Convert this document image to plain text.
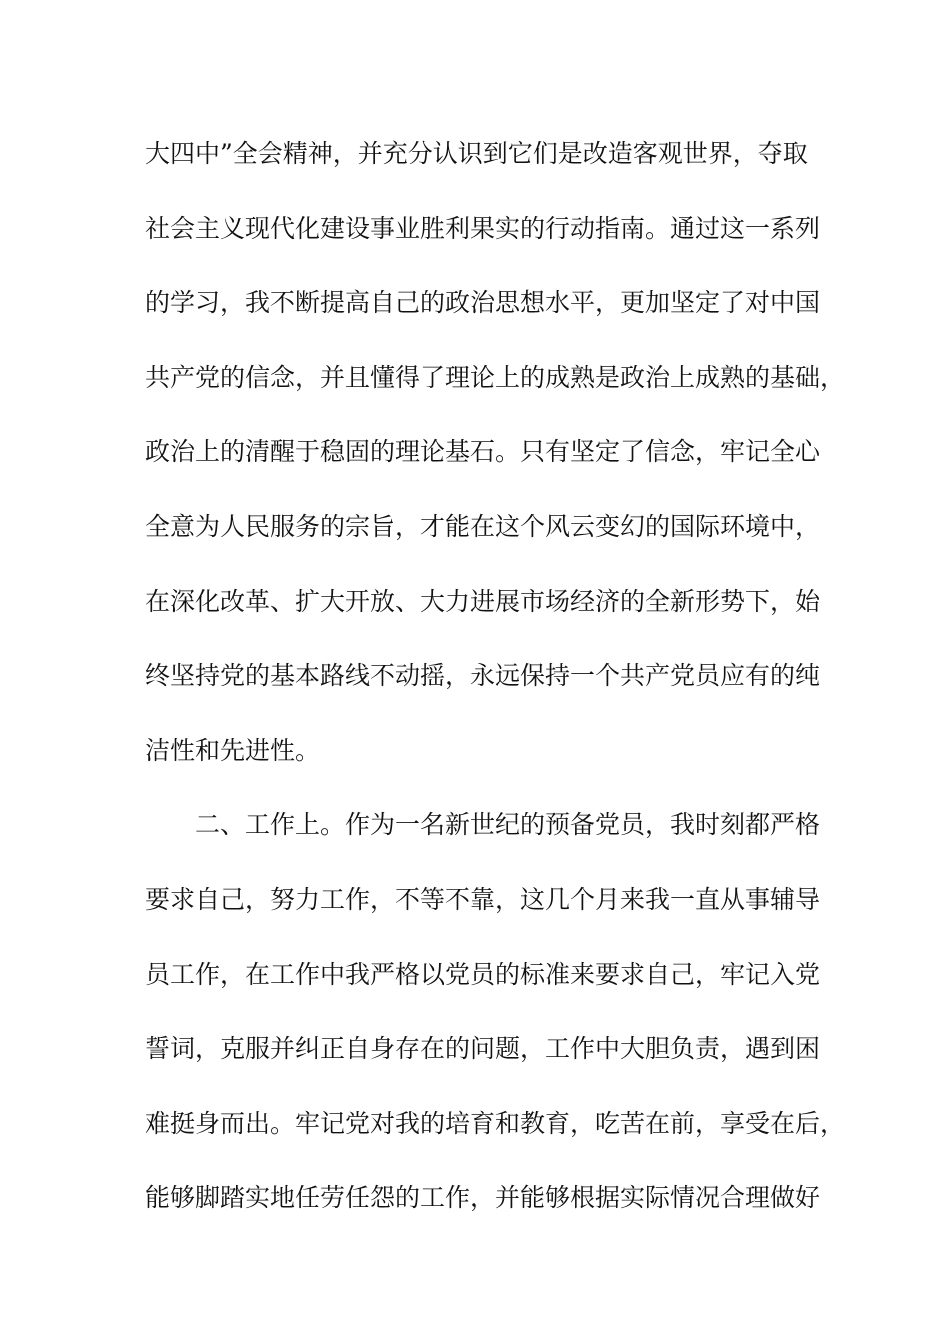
大四中”全会精神，并充分认识到它们是改造客观世界，夺取
社会主义现代化建设事业胜利果实的行动指南。通过这一系列
的学习，我不断提高自己的政治思想水平，更加坚定了对中国
共产党的信念，并且懂得了理论上的成熟是政治上成熟的基础，
政治上的清醒于稳固的理论基石。只有坚定了信念，牢记全心
全意为人民服务的宗旨，才能在这个风云变幻的国际环境中，
在深化改革、扩大开放、大力进展市场经济的全新形势下，始
终坚持党的基本路线不动摇，永远保持一个共产党员应有的纯
洁性和先进性。
二、工作上。作为一名新世纪的预备党员，我时刻都严格
要求自己，努力工作，不等不靠，这几个月来我一直从事辅导
员工作，在工作中我严格以党员的标准来要求自己，牢记入党
誓词，克服并纠正自身存在的问题，工作中大胆负责，遇到困
难挺身而出。牢记党对我的培育和教育，吃苦在前，享受在后，
能够脚踏实地任劳任怨的工作，并能够根据实际情况合理做好
